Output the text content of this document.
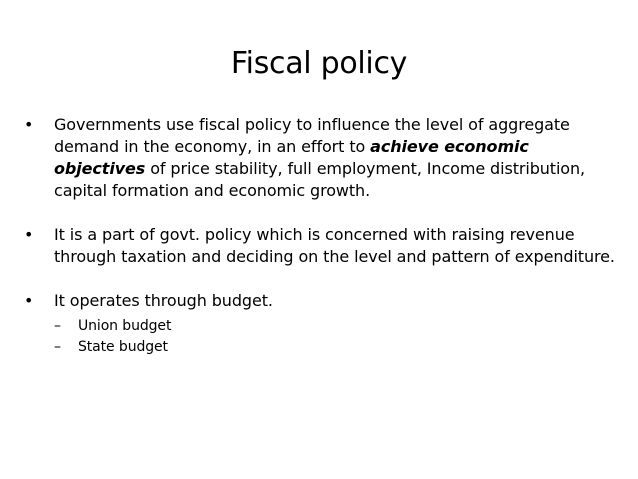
Fiscal policy
• Governments use fiscal policy to influence the level of aggregate demand in the economy, in an effort to achieve economic objectives of price stability, full employment, Income distribution, capital formation and economic growth.
• It is a part of govt. policy which is concerned with raising revenue through taxation and deciding on the level and pattern of expenditure.
• It operates through budget.
– Union budget
– State budget
